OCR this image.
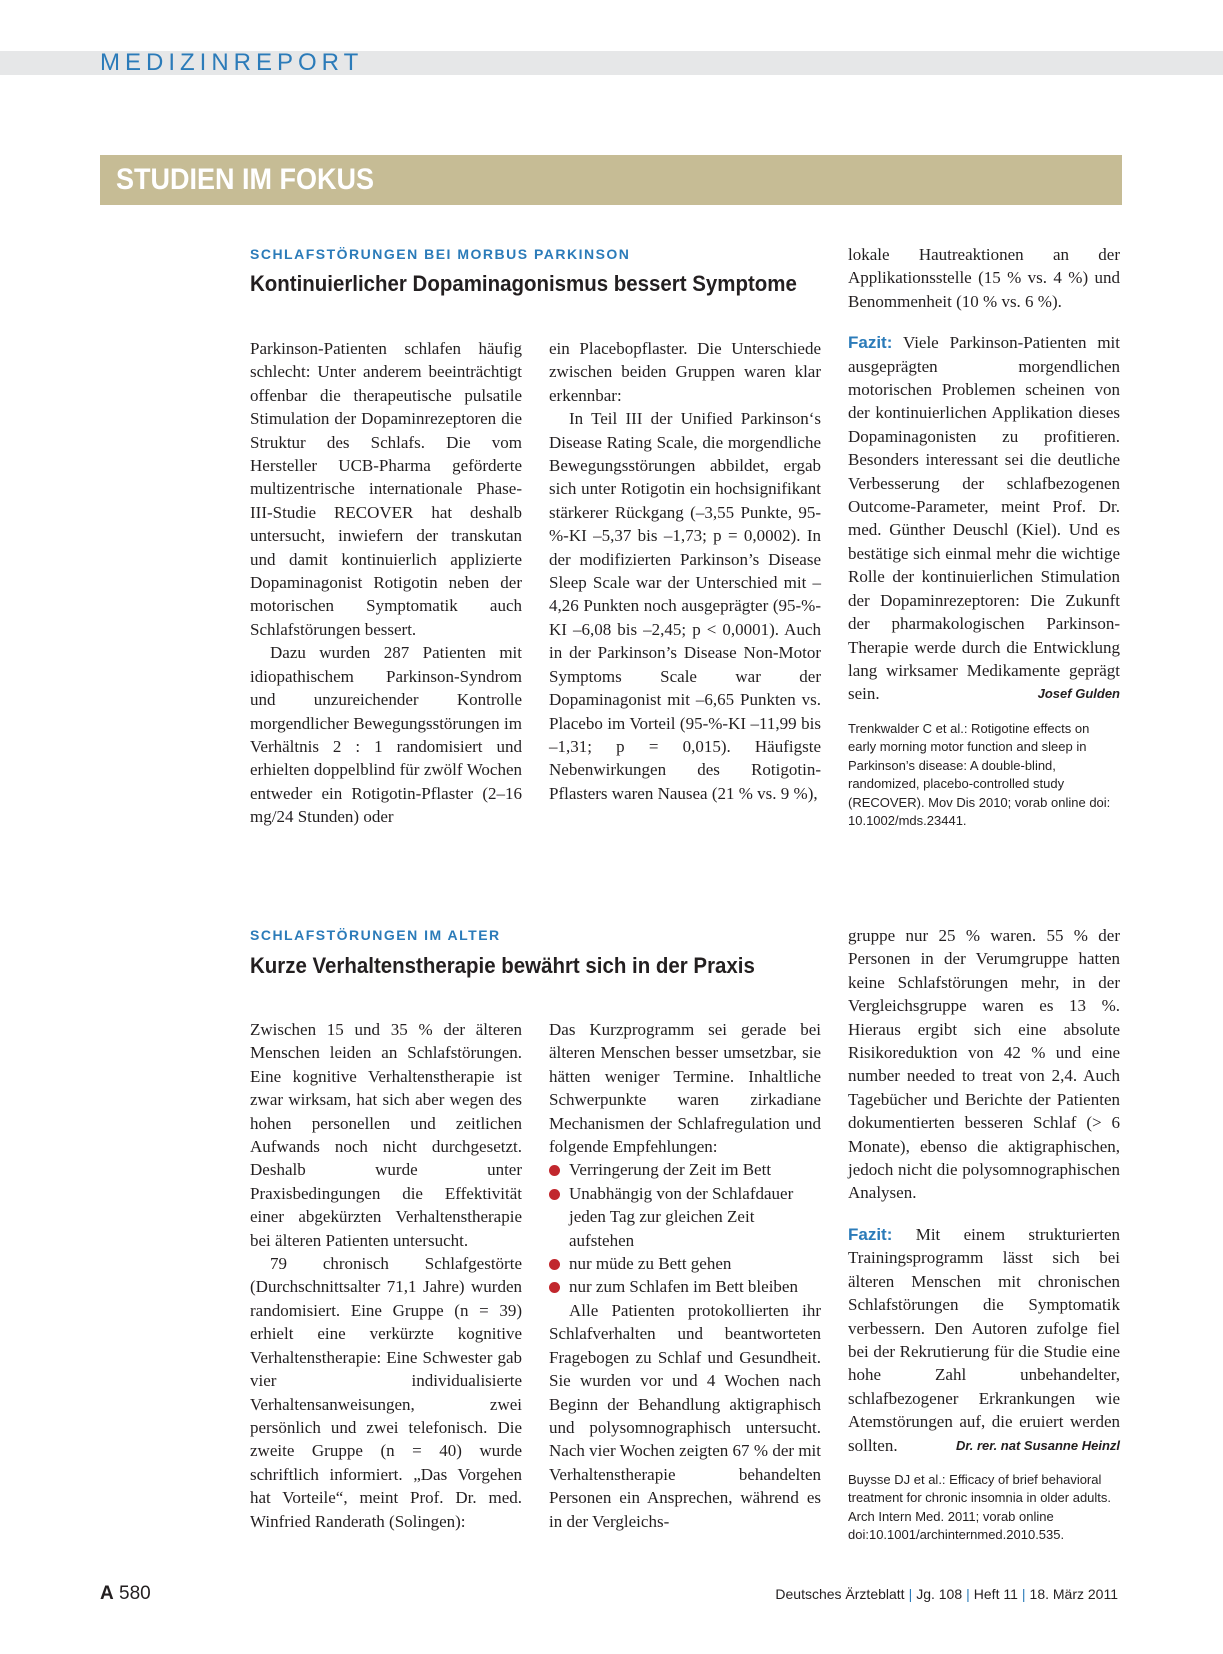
MEDIZINREPORT
STUDIEN IM FOKUS
SCHLAFSTÖRUNGEN BEI MORBUS PARKINSON
Kontinuierlicher Dopaminagonismus bessert Symptome

Parkinson-Patienten schlafen häufig schlecht: Unter anderem beeinträchtigt offenbar die therapeutische pulsatile Stimulation der Dopaminrezeptoren die Struktur des Schlafs. Die vom Hersteller UCB-Pharma geförderte multizentrische internationale Phase-III-Studie RECOVER hat deshalb untersucht, inwiefern der transkutan und damit kontinuierlich applizierte Dopaminagonist Rotigotin neben der motorischen Symptomatik auch Schlafstörungen bessert.

Dazu wurden 287 Patienten mit idiopathischem Parkinson-Syndrom und unzureichender Kontrolle morgendlicher Bewegungsstörungen im Verhältnis 2 : 1 randomisiert und erhielten doppelblind für zwölf Wochen entweder ein Rotigotin-Pflaster (2–16 mg/24 Stunden) oder

ein Placebopflaster. Die Unterschiede zwischen beiden Gruppen waren klar erkennbar:

In Teil III der Unified Parkinson‘s Disease Rating Scale, die morgendliche Bewegungsstörungen abbildet, ergab sich unter Rotigotin ein hochsignifikant stärkerer Rückgang (–3,55 Punkte, 95-%-KI –5,37 bis –1,73; p = 0,0002). In der modifizierten Parkinson’s Disease Sleep Scale war der Unterschied mit –4,26 Punkten noch ausgeprägter (95-%-KI –6,08 bis –2,45; p < 0,0001). Auch in der Parkinson’s Disease Non-Motor Symptoms Scale war der Dopaminagonist mit –6,65 Punkten vs. Placebo im Vorteil (95-%-KI –11,99 bis –1,31; p = 0,015). Häufigste Nebenwirkungen des Rotigotin-Pflasters waren Nausea (21 % vs. 9 %),

lokale Hautreaktionen an der Applikationsstelle (15 % vs. 4 %) und Benommenheit (10 % vs. 6 %).

Fazit: Viele Parkinson-Patienten mit ausgeprägten morgendlichen motorischen Problemen scheinen von der kontinuierlichen Applikation dieses Dopaminagonisten zu profitieren. Besonders interessant sei die deutliche Verbesserung der schlafbezogenen Outcome-Parameter, meint Prof. Dr. med. Günther Deuschl (Kiel). Und es bestätige sich einmal mehr die wichtige Rolle der kontinuierlichen Stimulation der Dopaminrezeptoren: Die Zukunft der pharmakologischen Parkinson-Therapie werde durch die Entwicklung lang wirksamer Medikamente geprägt sein.	Josef Gulden

Trenkwalder C et al.: Rotigotine effects on early morning motor function and sleep in Parkinson’s disease: A double-blind, randomized, placebo-controlled study (RECOVER). Mov Dis 2010; vorab online doi: 10.1002/mds.23441.

SCHLAFSTÖRUNGEN IM ALTER
Kurze Verhaltenstherapie bewährt sich in der Praxis

Zwischen 15 und 35 % der älteren Menschen leiden an Schlafstörungen. Eine kognitive Verhaltenstherapie ist zwar wirksam, hat sich aber wegen des hohen personellen und zeitlichen Aufwands noch nicht durchgesetzt. Deshalb wurde unter Praxisbedingungen die Effektivität einer abgekürzten Verhaltenstherapie bei älteren Patienten untersucht.

79 chronisch Schlafgestörte (Durchschnittsalter 71,1 Jahre) wurden randomisiert. Eine Gruppe (n = 39) erhielt eine verkürzte kognitive Verhaltenstherapie: Eine Schwester gab vier individualisierte Verhaltensanweisungen, zwei persönlich und zwei telefonisch. Die zweite Gruppe (n = 40) wurde schriftlich informiert. „Das Vorgehen hat Vorteile“, meint Prof. Dr. med. Winfried Randerath (Solingen):

Das Kurzprogramm sei gerade bei älteren Menschen besser umsetzbar, sie hätten weniger Termine. Inhaltliche Schwerpunkte waren zirkadiane Mechanismen der Schlafregulation und folgende Empfehlungen:

Verringerung der Zeit im Bett
Unabhängig von der Schlafdauer jeden Tag zur gleichen Zeit aufstehen
nur müde zu Bett gehen
nur zum Schlafen im Bett bleiben

Alle Patienten protokollierten ihr Schlafverhalten und beantworteten Fragebogen zu Schlaf und Gesundheit. Sie wurden vor und 4 Wochen nach Beginn der Behandlung aktigraphisch und polysomnographisch untersucht. Nach vier Wochen zeigten 67 % der mit Verhaltenstherapie behandelten Personen ein Ansprechen, während es in der Vergleichs-

gruppe nur 25 % waren. 55 % der Personen in der Verumgruppe hatten keine Schlafstörungen mehr, in der Vergleichsgruppe waren es 13 %. Hieraus ergibt sich eine absolute Risikoreduktion von 42 % und eine number needed to treat von 2,4. Auch Tagebücher und Berichte der Patienten dokumentierten besseren Schlaf (> 6 Monate), ebenso die aktigraphischen, jedoch nicht die polysomnographischen Analysen.

Fazit: Mit einem strukturierten Trainingsprogramm lässt sich bei älteren Menschen mit chronischen Schlafstörungen die Symptomatik verbessern. Den Autoren zufolge fiel bei der Rekrutierung für die Studie eine hohe Zahl unbehandelter, schlafbezogener Erkrankungen wie Atemstörungen auf, die eruiert werden sollten.	Dr. rer. nat Susanne Heinzl

Buysse DJ et al.: Efficacy of brief behavioral treatment for chronic insomnia in older adults. Arch Intern Med. 2011; vorab online doi:10.1001/archinternmed.2010.535.

A 580	Deutsches Ärzteblatt | Jg. 108 | Heft 11 | 18. März 2011
